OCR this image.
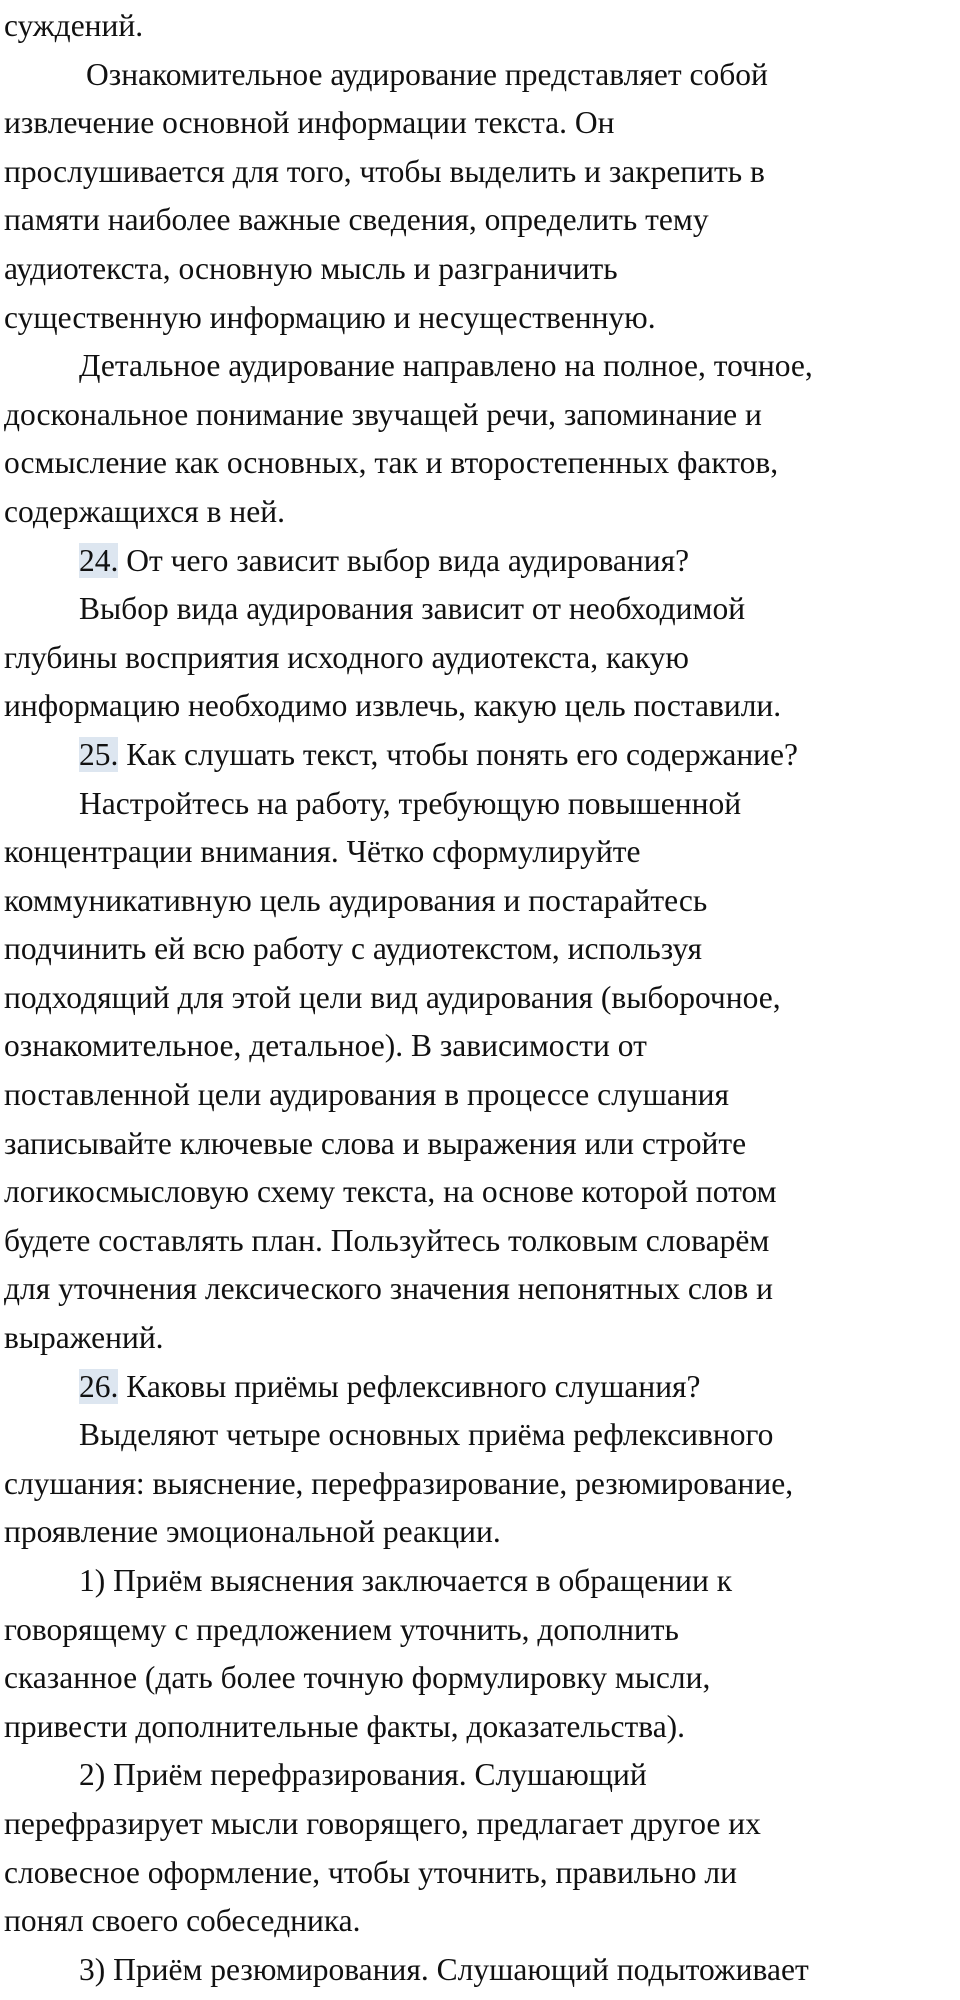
суждений.
Ознакомительное аудирование представляет собой
извлечение основной информации текста. Он
прослушивается для того, чтобы выделить и закрепить в
памяти наиболее важные сведения, определить тему
аудиотекста, основную мысль и разграничить
существенную информацию и несущественную.
Детальное аудирование направлено на полное, точное,
доскональное понимание звучащей речи, запоминание и
осмысление как основных, так и второстепенных фактов,
содержащихся в ней.
24. От чего зависит выбор вида аудирования?
Выбор вида аудирования зависит от необходимой
глубины восприятия исходного аудиотекста, какую
информацию необходимо извлечь, какую цель поставили.
25. Как слушать текст, чтобы понять его содержание?
Настройтесь на работу, требующую повышенной
концентрации внимания. Чётко сформулируйте
коммуникативную цель аудирования и постарайтесь
подчинить ей всю работу с аудиотекстом, используя
подходящий для этой цели вид аудирования (выборочное,
ознакомительное, детальное). В зависимости от
поставленной цели аудирования в процессе слушания
записывайте ключевые слова и выражения или стройте
логикосмысловую схему текста, на основе которой потом
будете составлять план. Пользуйтесь толковым словарём
для уточнения лексического значения непонятных слов и
выражений.
26. Каковы приёмы рефлексивного слушания?
Выделяют четыре основных приёма рефлексивного
слушания: выяснение, перефразирование, резюмирование,
проявление эмоциональной реакции.
1) Приём выяснения заключается в обращении к
говорящему с предложением уточнить, дополнить
сказанное (дать более точную формулировку мысли,
привести дополнительные факты, доказательства).
2) Приём перефразирования. Слушающий
перефразирует мысли говорящего, предлагает другое их
словесное оформление, чтобы уточнить, правильно ли
понял своего собеседника.
3) Приём резюмирования. Слушающий подытоживает
